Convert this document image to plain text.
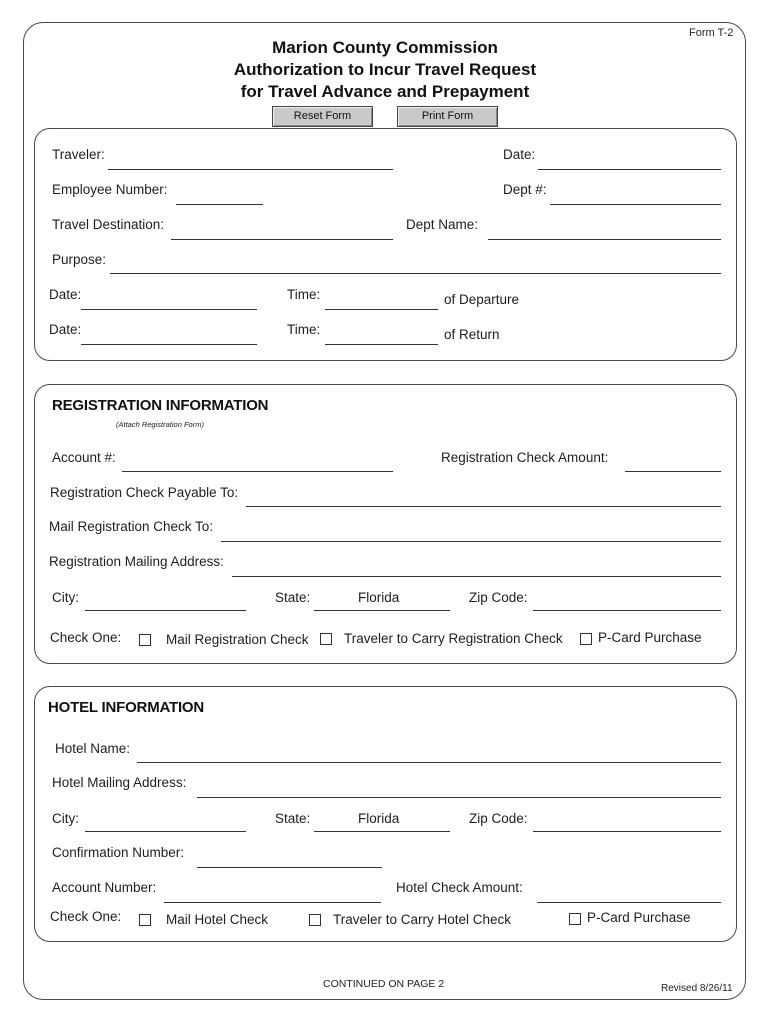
Form T-2
Marion County Commission
Authorization to Incur Travel Request
for Travel Advance and Prepayment
Reset Form	Print Form
Traveler:	Date:
Employee Number:	Dept #:
Travel Destination:	Dept Name:
Purpose:
Date:	Time:	of Departure
Date:	Time:	of Return
REGISTRATION INFORMATION
(Attach Registration Form)
Account #:	Registration Check Amount:
Registration Check Payable To:
Mail Registration Check To:
Registration Mailing Address:
City:	State:	Florida	Zip Code:
Check One:	Mail Registration Check	Traveler to Carry Registration Check	P-Card Purchase
HOTEL INFORMATION
Hotel Name:
Hotel Mailing Address:
City:	State:	Florida	Zip Code:
Confirmation Number:
Account Number:	Hotel Check Amount:
Check One:	Mail Hotel Check	Traveler to Carry Hotel Check	P-Card Purchase
CONTINUED ON PAGE 2	Revised 8/26/11
